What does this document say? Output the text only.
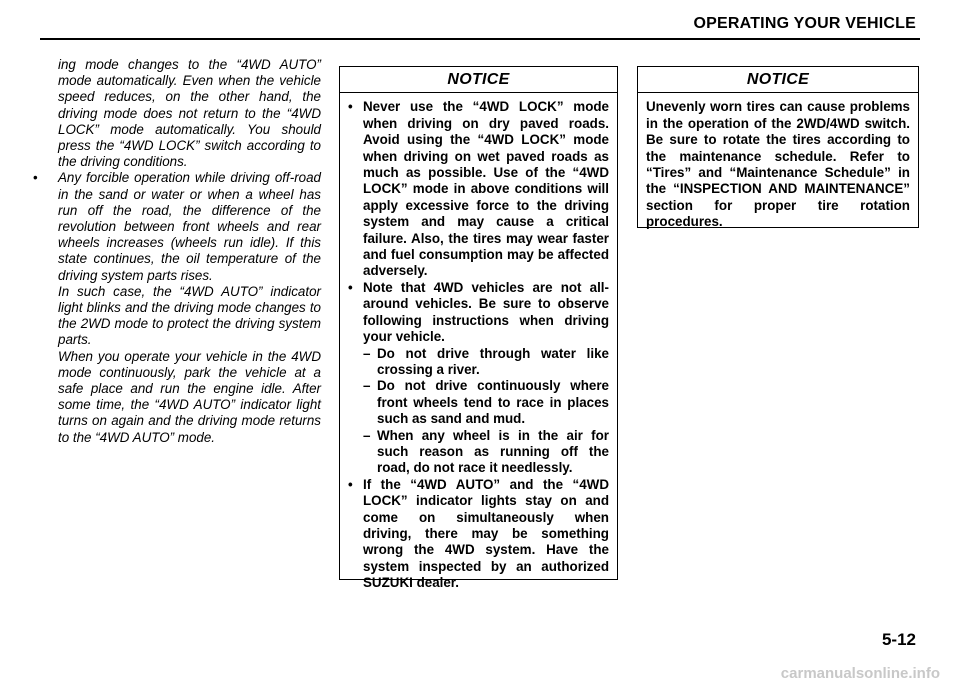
OPERATING YOUR VEHICLE

ing mode changes to the “4WD AUTO” mode automatically. Even when the vehicle speed reduces, on the other hand, the driving mode does not return to the “4WD LOCK” mode automatically. You should press the “4WD LOCK” switch according to the driving conditions.

• Any forcible operation while driving off-road in the sand or water or when a wheel has run off the road, the difference of the revolution between front wheels and rear wheels increases (wheels run idle). If this state continues, the oil temperature of the driving system parts rises.

In such case, the “4WD AUTO” indicator light blinks and the driving mode changes to the 2WD mode to protect the driving system parts.

When you operate your vehicle in the 4WD mode continuously, park the vehicle at a safe place and run the engine idle. After some time, the “4WD AUTO” indicator light turns on again and the driving mode returns to the “4WD AUTO” mode.

NOTICE
• Never use the “4WD LOCK” mode when driving on dry paved roads. Avoid using the “4WD LOCK” mode when driving on wet paved roads as much as possible. Use of the “4WD LOCK” mode in above conditions will apply excessive force to the driving system and may cause a critical failure. Also, the tires may wear faster and fuel consumption may be affected adversely.

• Note that 4WD vehicles are not all-around vehicles. Be sure to observe following instructions when driving your vehicle.

– Do not drive through water like crossing a river.

– Do not drive continuously where front wheels tend to race in places such as sand and mud.

– When any wheel is in the air for such reason as running off the road, do not race it needlessly.

• If the “4WD AUTO” and the “4WD LOCK” indicator lights stay on and come on simultaneously when driving, there may be something wrong the 4WD system. Have the system inspected by an authorized SUZUKI dealer.

NOTICE

Unevenly worn tires can cause problems in the operation of the 2WD/4WD switch. Be sure to rotate the tires according to the maintenance schedule. Refer to “Tires” and “Maintenance Schedule” in the “INSPECTION AND MAINTENANCE” section for proper tire rotation procedures.

5-12
carmanualsonline.info
